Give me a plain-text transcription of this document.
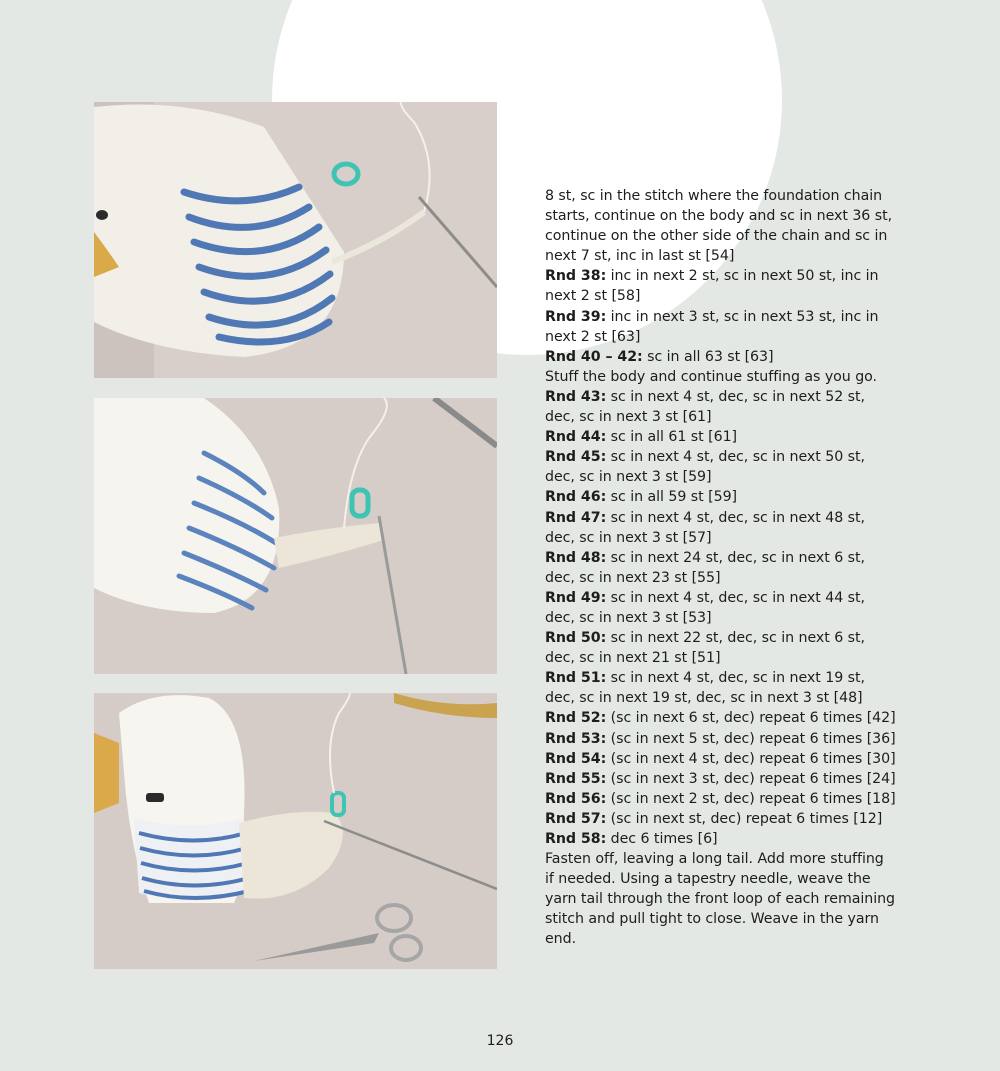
8 st, sc in the stitch where the foundation chain starts, continue on the body and sc in next 36 st, continue on the other side of the chain and sc in next 7 st, inc in last st [54]

Rnd 38: inc in next 2 st, sc in next 50 st, inc in next 2 st [58]

Rnd 39: inc in next 3 st, sc in next 53 st, inc in next 2 st [63]

Rnd 40 – 42: sc in all 63 st [63]

Stuff the body and continue stuffing as you go.

Rnd 43: sc in next 4 st, dec, sc in next 52 st, dec, sc in next 3 st [61]

Rnd 44: sc in all 61 st [61]

Rnd 45: sc in next 4 st, dec, sc in next 50 st, dec, sc in next 3 st [59]

Rnd 46: sc in all 59 st [59]

Rnd 47: sc in next 4 st, dec, sc in next 48 st, dec, sc in next 3 st [57]

Rnd 48: sc in next 24 st, dec, sc in next 6 st, dec, sc in next 23 st [55]

Rnd 49: sc in next 4 st, dec, sc in next 44 st, dec, sc in next 3 st [53]

Rnd 50: sc in next 22 st, dec, sc in next 6 st, dec, sc in next 21 st [51]

Rnd 51: sc in next 4 st, dec, sc in next 19 st, dec, sc in next 19 st, dec, sc in next 3 st [48]

Rnd 52: (sc in next 6 st, dec) repeat 6 times [42]

Rnd 53: (sc in next 5 st, dec) repeat 6 times [36]

Rnd 54: (sc in next 4 st, dec) repeat 6 times [30]

Rnd 55: (sc in next 3 st, dec) repeat 6 times [24]

Rnd 56: (sc in next 2 st, dec) repeat 6 times [18]

Rnd 57: (sc in next st, dec) repeat 6 times [12]

Rnd 58: dec 6 times [6]

Fasten off, leaving a long tail. Add more stuffing if needed. Using a tapestry needle, weave the yarn tail through the front loop of each remaining stitch and pull tight to close. Weave in the yarn end.

126
